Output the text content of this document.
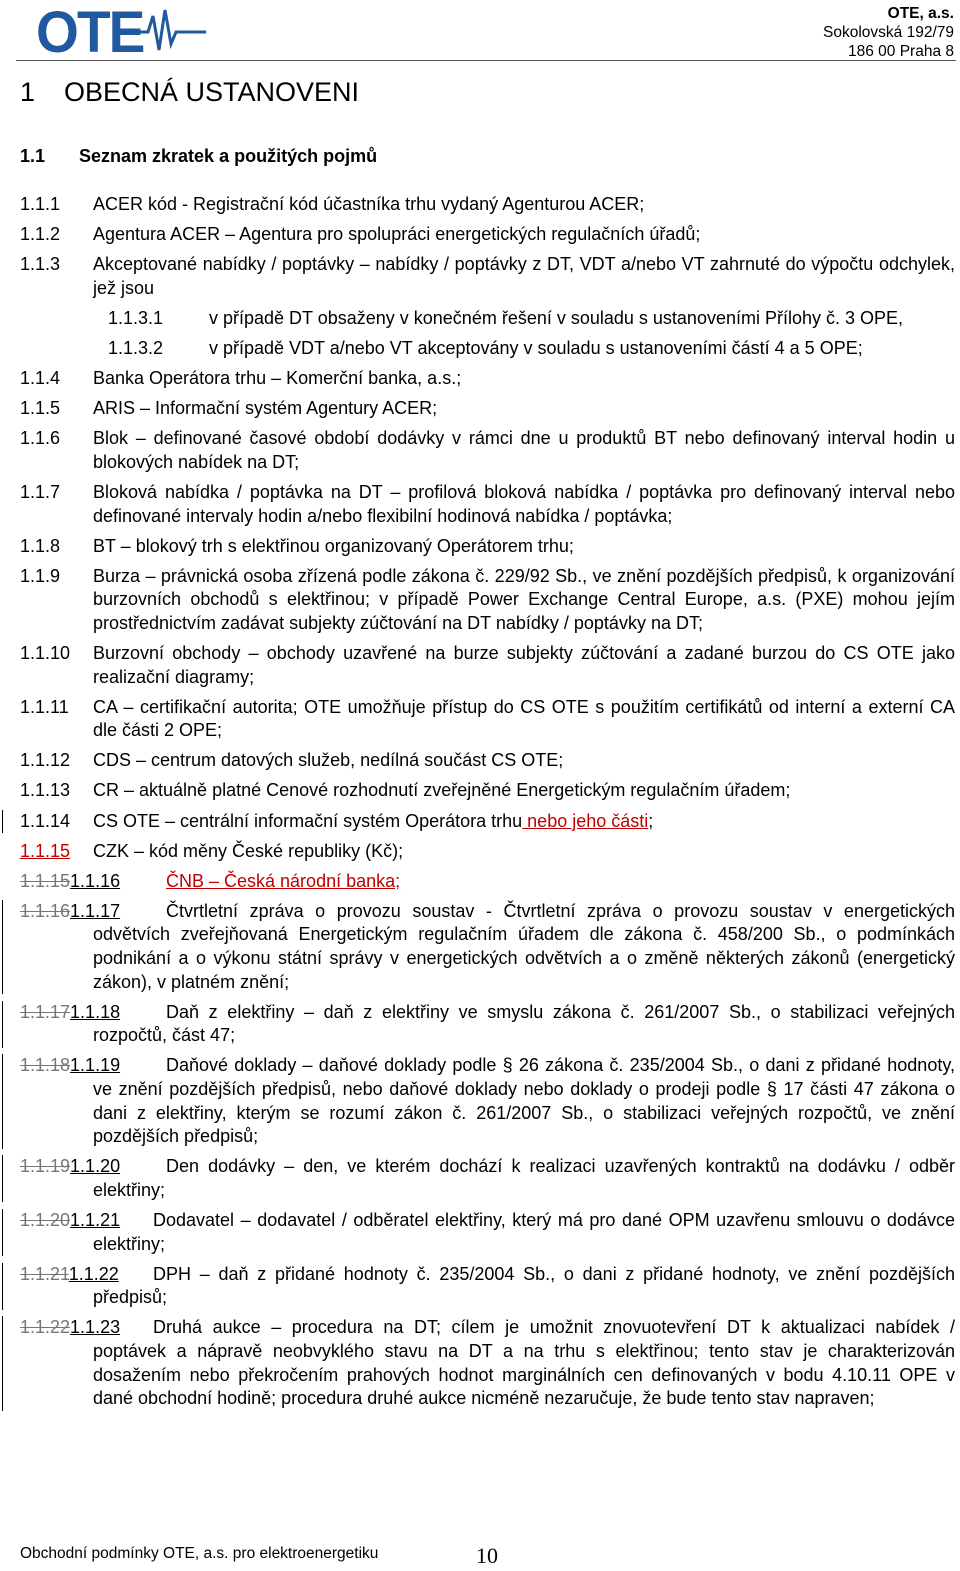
OTE	OTE, a.s.
Sokolovská 192/79
186 00 Praha 8
1 OBECNÁ USTANOVENI
1.1 Seznam zkratek a použitých pojmů
1.1.1	ACER kód - Registrační kód účastníka trhu vydaný Agenturou ACER;
1.1.2	Agentura ACER – Agentura pro spolupráci energetických regulačních úřadů;
1.1.3	Akceptované nabídky / poptávky – nabídky / poptávky z DT, VDT a/nebo VT zahrnuté do výpočtu odchylek, jež jsou
1.1.3.1	v případě DT obsaženy v konečném řešení v souladu s ustanoveními Přílohy č. 3 OPE,
1.1.3.2	v případě VDT a/nebo VT akceptovány v souladu s ustanoveními částí 4 a 5 OPE;
1.1.4	Banka Operátora trhu – Komerční banka, a.s.;
1.1.5	ARIS – Informační systém Agentury ACER;
1.1.6	Blok – definované časové období dodávky v rámci dne u produktů BT nebo definovaný interval hodin u blokových nabídek na DT;
1.1.7	Bloková nabídka / poptávka na DT – profilová bloková nabídka / poptávka pro definovaný interval nebo definované intervaly hodin a/nebo flexibilní hodinová nabídka / poptávka;
1.1.8	BT – blokový trh s elektřinou organizovaný Operátorem trhu;
1.1.9	Burza – právnická osoba zřízená podle zákona č. 229/92 Sb., ve znění pozdějších předpisů, k organizování burzovních obchodů s elektřinou; v případě Power Exchange Central Europe, a.s. (PXE) mohou jejím prostřednictvím zadávat subjekty zúčtování na DT nabídky / poptávky na DT;
1.1.10	Burzovní obchody – obchody uzavřené na burze subjekty zúčtování a zadané burzou do CS OTE jako realizační diagramy;
1.1.11	CA – certifikační autorita; OTE umožňuje přístup do CS OTE s použitím certifikátů od interní a externí CA dle části 2 OPE;
1.1.12	CDS – centrum datových služeb, nedílná součást CS OTE;
1.1.13	CR – aktuálně platné Cenové rozhodnutí zveřejněné Energetickým regulačním úřadem;
1.1.14	CS OTE – centrální informační systém Operátora trhu nebo jeho části;
1.1.15	CZK – kód měny České republiky (Kč);
1.1.151.1.16	ČNB – Česká národní banka;
1.1.161.1.17	Čtvrtletní zpráva o provozu soustav - Čtvrtletní zpráva o provozu soustav v energetických odvětvích zveřejňovaná Energetickým regulačním úřadem dle zákona č. 458/200 Sb., o podmínkách podnikání a o výkonu státní správy v energetických odvětvích a o změně některých zákonů (energetický zákon), v platném znění;
1.1.171.1.18	Daň z elektřiny – daň z elektřiny ve smyslu zákona č. 261/2007 Sb., o stabilizaci veřejných rozpočtů, část 47;
1.1.181.1.19	Daňové doklady – daňové doklady podle § 26 zákona č. 235/2004 Sb., o dani z přidané hodnoty, ve znění pozdějších předpisů, nebo daňové doklady nebo doklady o prodeji podle § 17 části 47 zákona o dani z elektřiny, kterým se rozumí zákon č. 261/2007 Sb., o stabilizaci veřejných rozpočtů, ve znění pozdějších předpisů;
1.1.191.1.20	Den dodávky – den, ve kterém dochází k realizaci uzavřených kontraktů na dodávku / odběr elektřiny;
1.1.201.1.21	Dodavatel – dodavatel / odběratel elektřiny, který má pro dané OPM uzavřenu smlouvu o dodávce elektřiny;
1.1.211.1.22	DPH – daň z přidané hodnoty č. 235/2004 Sb., o dani z přidané hodnoty, ve znění pozdějších předpisů;
1.1.221.1.23	Druhá aukce – procedura na DT; cílem je umožnit znovuotevření DT k aktualizaci nabídek / poptávek a nápravě neobvyklého stavu na DT a na trhu s elektřinou; tento stav je charakterizován dosažením nebo překročením prahových hodnot marginálních cen definovaných v bodu 4.10.11 OPE v dané obchodní hodině; procedura druhé aukce nicméně nezaručuje, že bude tento stav napraven;
Obchodní podmínky OTE, a.s. pro elektroenergetiku	10
